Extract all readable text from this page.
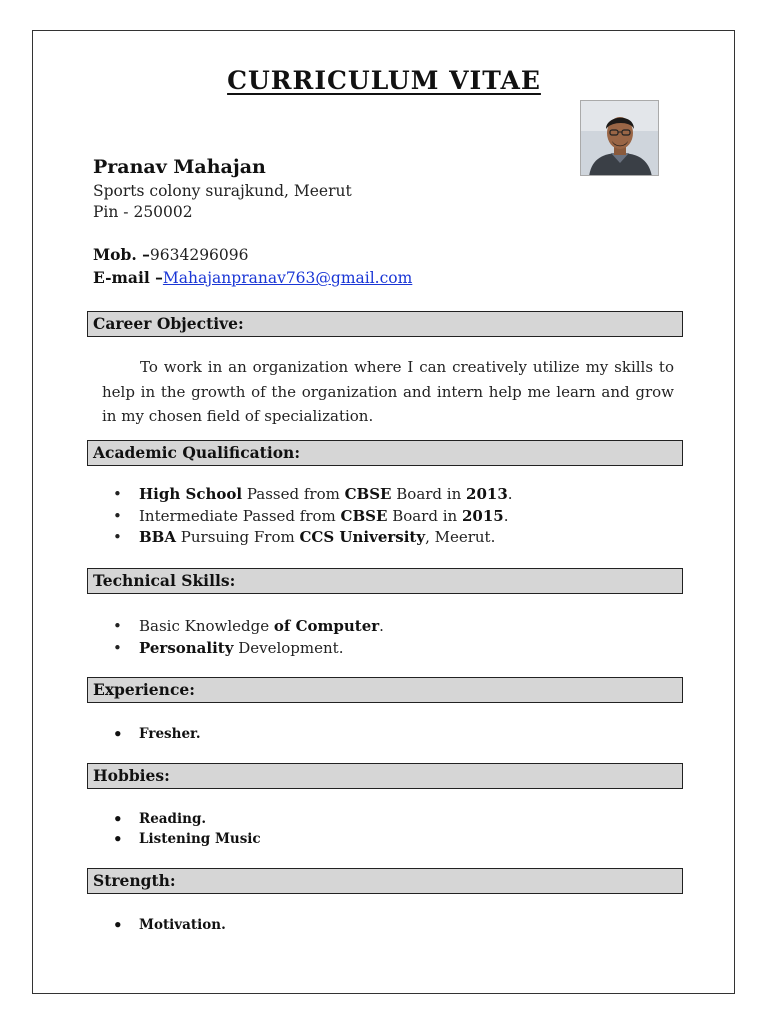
CURRICULUM VITAE
Pranav Mahajan
Sports colony surajkund, Meerut
Pin - 250002
Mob. –9634296096
E-mail –Mahajanpranav763@gmail.com
Career Objective:
To work in an organization where I can creatively utilize my skills to help in the growth of the organization and intern help me learn and grow in my chosen field of specialization.
Academic Qualification:
• High School Passed from CBSE Board in 2013.
• Intermediate Passed from CBSE Board in 2015.
• BBA Pursuing From CCS University, Meerut.
Technical Skills:
• Basic Knowledge of Computer.
• Personality Development.
Experience:
• Fresher.
Hobbies:
• Reading.
• Listening Music
Strength:
• Motivation.
